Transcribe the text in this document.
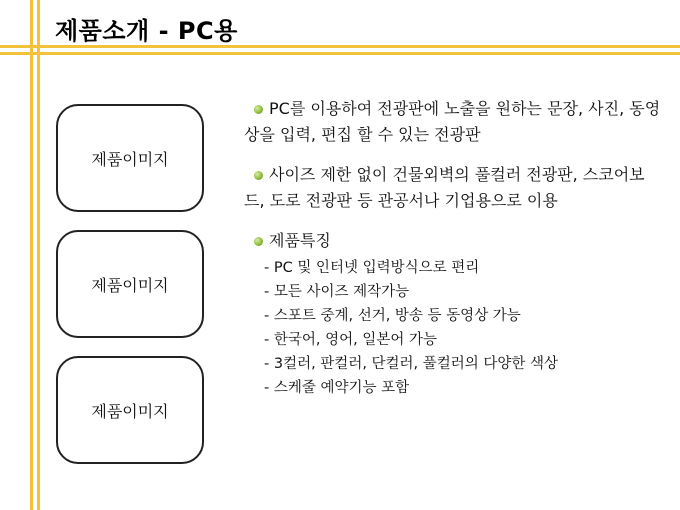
제품소개 - PC용
제품이미지
제품이미지
제품이미지

PC를 이용하여 전광판에 노출을 원하는 문장, 사진, 동영상을 입력, 편집 할 수 있는 전광판

사이즈 제한 없이 건물외벽의 풀컬러 전광판, 스코어보드, 도로 전광판 등 관공서나 기업용으로 이용

제품특징

- PC 및 인터넷 입력방식으로 편리
- 모든 사이즈 제작가능
- 스포트 중계, 선거, 방송 등 동영상 가능
- 한국어, 영어, 일본어 가능
- 3컬러, 판컬러, 단컬러, 풀컬러의 다양한 색상
- 스케줄 예약기능 포함
